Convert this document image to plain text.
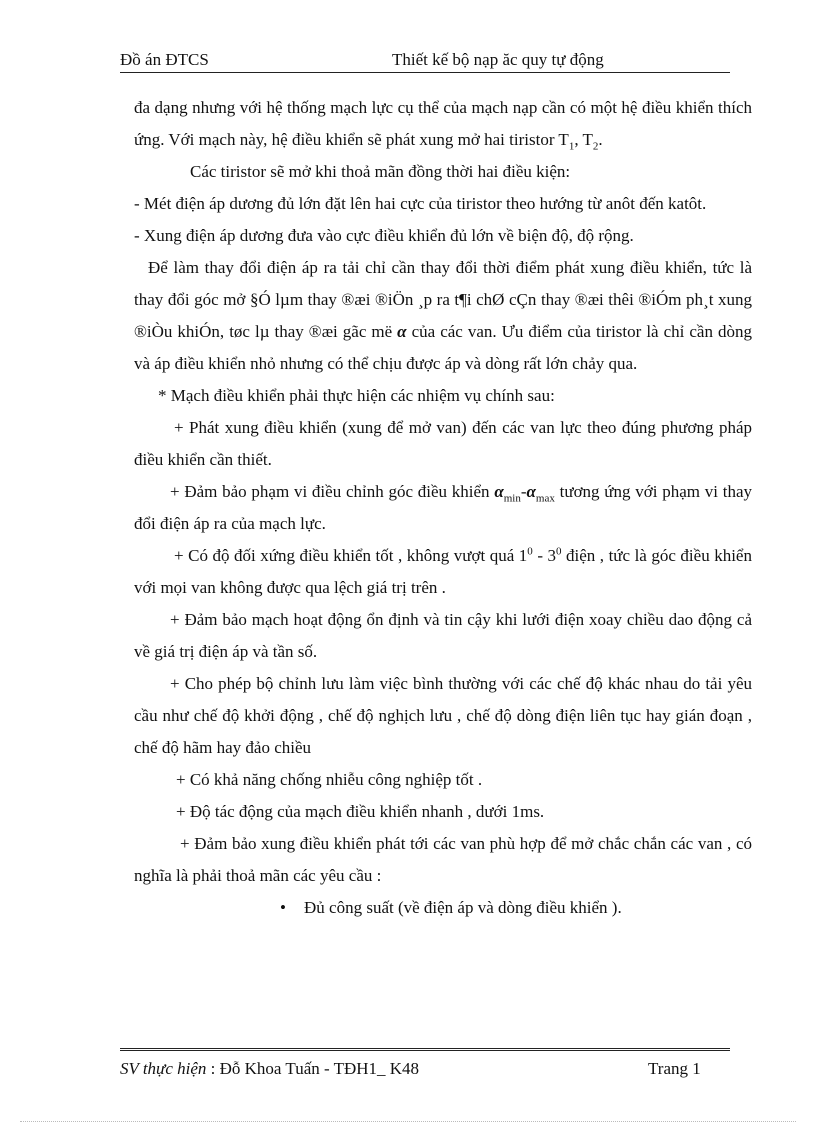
Đồ án ĐTCS	Thiết kế bộ nạp ăc quy tự động

đa dạng nhưng với hệ thống mạch lực cụ thể của mạch nạp cần có một hệ điều khiển thích ứng. Với mạch này, hệ điều khiển sẽ phát xung mở hai tiristor $T_1$, $T_2$.

Các tiristor sẽ mở khi thoả mãn đồng thời hai điều kiện:

- Mét điện áp dương đủ lớn đặt lên hai cực của tiristor theo hướng từ anôt đến katôt.

- Xung điện áp dương đưa vào cực điều khiển đủ lớn về biện độ, độ rộng.

Để làm thay đổi điện áp ra tải chỉ cần thay đổi thời điểm phát xung điều khiển, tức là thay đổi góc mở §Ó lµm thay ®æi ®iÖn ¸p ra t¶i chØ cÇn thay ®æi thêi ®iÓm ph¸t xung ®iÒu khiÓn, tøc lµ thay ®æi gãc më α của các van. Ưu điểm của tiristor là chỉ cần dòng và áp điều khiển nhỏ nhưng có thể chịu được áp và dòng rất lớn chảy qua.

* Mạch điều khiển phải thực hiện các nhiệm vụ chính sau:

+ Phát xung điều khiển (xung để mở van) đến các van lực theo đúng phương pháp điều khiển cần thiết.

+ Đảm bảo phạm vi điều chỉnh góc điều khiển $\alpha_{min}-\alpha_{max}$ tương ứng với phạm vi thay đổi điện áp ra của mạch lực.

+ Có độ đối xứng điều khiển tốt , không vượt quá $1^0 - 3^0$ điện , tức là góc điều khiển với mọi van không được qua lệch giá trị trên .

+ Đảm bảo mạch hoạt động ổn định và tin cậy khi lưới điện xoay chiều dao động cả về giá trị điện áp và tần số.

+ Cho phép bộ chỉnh lưu làm việc bình thường với các chế độ khác nhau do tải yêu cầu như chế độ khởi động , chế độ nghịch lưu , chế độ dòng điện liên tục hay gián đoạn , chế độ hãm hay đảo chiều

+ Có khả năng chống nhiễu công nghiệp tốt .

+ Độ tác động của mạch điều khiển nhanh , dưới 1ms.

+ Đảm bảo xung điều khiển phát tới các van phù hợp để mở chắc chắn các van , có nghĩa là phải thoả mãn các yêu cầu :

• Đủ công suất (về điện áp và dòng điều khiển ).

SV thực hiện : Đỗ Khoa Tuấn - TĐH1_ K48	Trang 1
